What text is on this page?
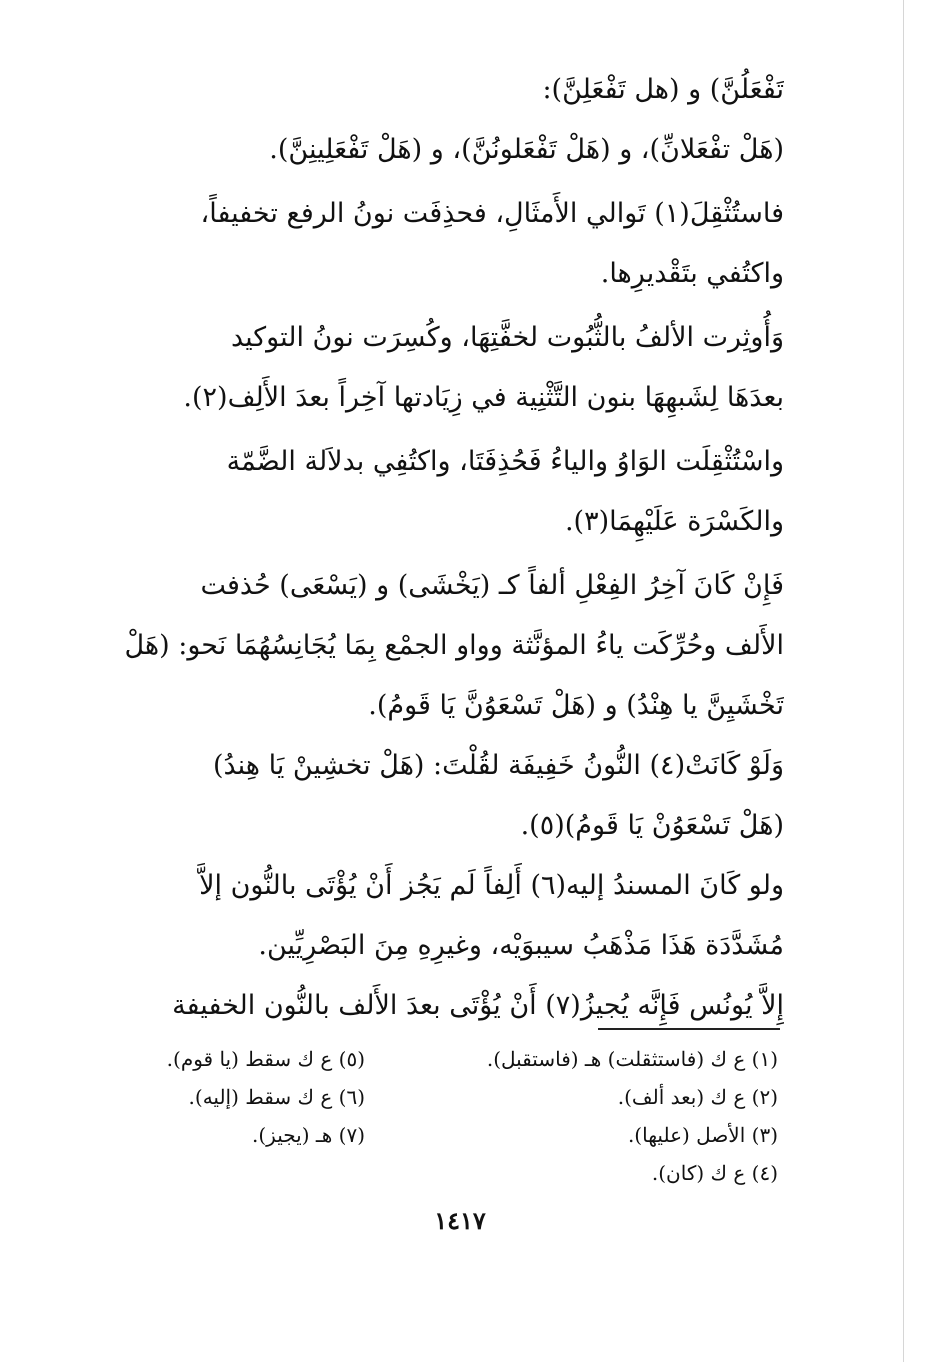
تَفْعَلُنَّ) و (هل تَفْعَلِنَّ):
(هَلْ تفْعَلانِّ)، و (هَلْ تَفْعَلونُنَّ)، و (هَلْ تَفْعَلِينِنَّ).
فاستُثْقِلَ(١) تَوالي الأَمثَالِ، فحذِفَت نونُ الرفع تخفيفاً،
واكتُفي بتَقْديرِها.
وَأُوثِرت الألفُ بالثُّبُوت لخفَّتِهَا، وكُسِرَت نونُ التوكيد
بعدَهَا لِشَبهِهَا بنون التَّثْنِية في زِيَادتها آخِراً بعدَ الأَلِف(٢).
واسْتُثْقِلَت الوَاوُ والياءُ فَحُذِفَتَا، واكتُفِي بدلاَلة الضَّمّة
والكَسْرَة عَلَيْهِمَا(٣).
فَإِنْ كَانَ آخِرُ الفِعْلِ ألفاً كـ (يَخْشَى) و (يَسْعَى) حُذفت
الأَلف وحُرِّكَت ياءُ المؤنَّثة وواو الجمْع بِمَا يُجَانِسُهُمَا نَحو: (هَلْ
تَخْشَيِنَّ يا هِنْدُ) و (هَلْ تَسْعَوُنَّ يَا قَومُ).
وَلَوْ كَانَتْ(٤) النُّونُ خَفِيفَة لقُلْتَ: (هَلْ تخشِينْ يَا هِندُ)
(هَلْ تَسْعَوُنْ يَا قَومُ)(٥).
ولو كَانَ المسندُ إليه(٦) أَلِفاً لَم يَجُز أَنْ يُؤْتَى بالنُّون إلاَّ
مُشَدَّدَة هَذَا مَذْهَبُ سيبوَيْه، وغيرِهِ مِنَ البَصْرِيِّين.
إِلاَّ يُونُس فَإِنَّه يُجيزُ(٧) أَنْ يُؤْتَى بعدَ الأَلف بالنُّون الخفيفة
(١) ع ك (فاستثقلت) هـ (فاستقبل).
(٢) ع ك (بعد ألف).
(٣) الأصل (عليها).
(٤) ع ك (كان).
(٥) ع ك سقط (يا قوم).
(٦) ع ك سقط (إليه).
(٧) هـ (يجيز).
١٤١٧
